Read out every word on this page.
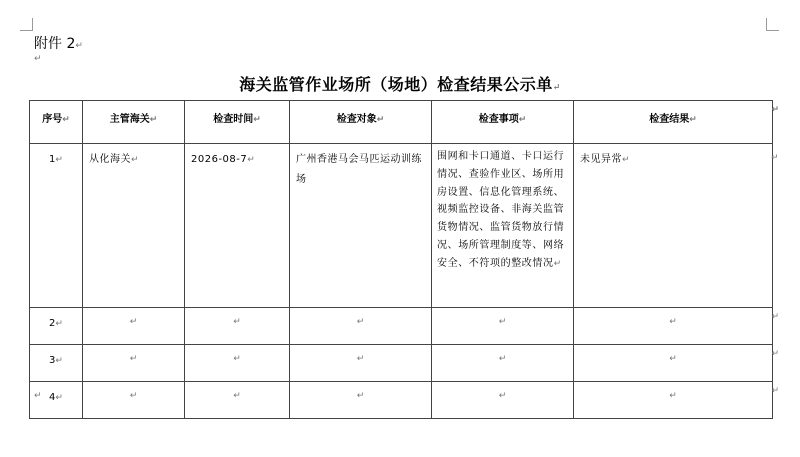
附件 2↵
↵
海关监管作业场所（场地）检查结果公示单↵
序号↵	主管海关↵	检查时间↵	检查对象↵	检查事项↵	检查结果↵
↵

1↵	从化海关↵	2026-08-7↵	广州香港马会马匹运动训练场	围网和卡口通道、卡口运行情况、查验作业区、场所用房设置、信息化管理系统、视频监控设备、非海关监管货物情况、监管货物放行情况、场所管理制度等、网络安全、不符项的整改情况↵	未见异常↵ ↵

2↵	↵	↵	↵	↵	↵ ↵

3↵	↵	↵	↵	↵	↵ ↵

4↵	↵	↵	↵	↵	↵ ↵
↵
